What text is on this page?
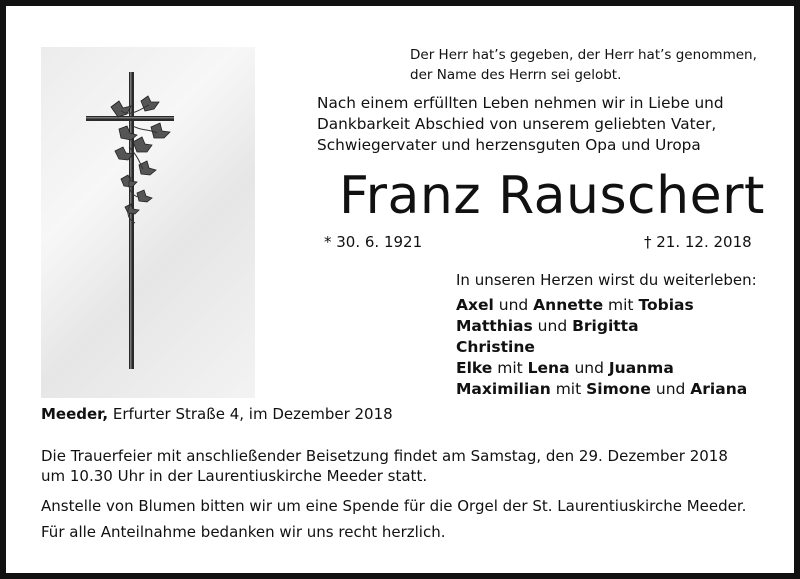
Der Herr hat’s gegeben, der Herr hat’s genommen,
der Name des Herrn sei gelobt.
Nach einem erfüllten Leben nehmen wir in Liebe und
Dankbarkeit Abschied von unserem geliebten Vater,
Schwiegervater und herzensguten Opa und Uropa
Franz Rauschert
* 30. 6. 1921	† 21. 12. 2018
In unseren Herzen wirst du weiterleben:
Axel und Annette mit Tobias
Matthias und Brigitta
Christine
Elke mit Lena und Juanma
Maximilian mit Simone und Ariana
Meeder, Erfurter Straße 4, im Dezember 2018
Die Trauerfeier mit anschließender Beisetzung findet am Samstag, den 29. Dezember 2018
um 10.30 Uhr in der Laurentiuskirche Meeder statt.
Anstelle von Blumen bitten wir um eine Spende für die Orgel der St. Laurentiuskirche Meeder.
Für alle Anteilnahme bedanken wir uns recht herzlich.
